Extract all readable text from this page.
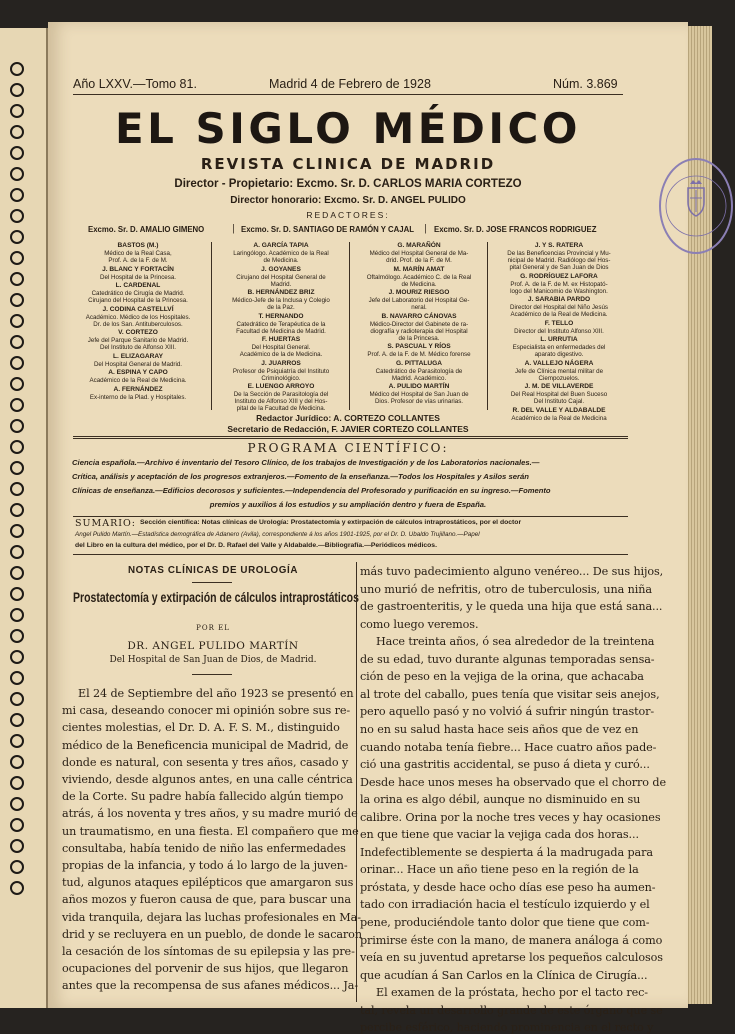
Año LXXV.—Tomo 81.	Madrid 4 de Febrero de 1928	Núm. 3.869
EL SIGLO MÉDICO
REVISTA CLINICA DE MADRID
Director - Propietario: Excmo. Sr. D. CARLOS MARIA CORTEZO
Director honorario: Excmo. Sr. D. ANGEL PULIDO
REDACTORES:
Excmo. Sr. D. AMALIO GIMENO	| Excmo. Sr. D. SANTIAGO DE RAMÓN Y CAJAL | Excmo. Sr. D. JOSE FRANCOS RODRIGUEZ
BASTOS (M.)
Médico de la Real Casa,
Prof. A. de la F. de M.
J. BLANC Y FORTACÍN
Del Hospital de la Princesa.
L. CARDENAL
Catedrático de Cirugía de Madrid.
Cirujano del Hospital de la Princesa.
J. CODINA CASTELLVÍ
Académico. Médico de los Hospitales.
Dr. de los San. Antituberculosos.
V. CORTEZO
Jefe del Parque Sanitario de Madrid.
Del Instituto de Alfonso XIII.
L. ELIZAGARAY
Del Hospital General de Madrid.
A. ESPINA Y CAPO
Académico de la Real de Medicina.
A. FERNÁNDEZ
Ex-interno de la Plad. y Hospitales.
A. GARCÍA TAPIA
Laringólogo. Académico de la Real
de Medicina.
J. GOYANES
Cirujano del Hospital General de
Madrid.
B. HERNÁNDEZ BRIZ
Médico-Jefe de la Inclusa y Colegio
de la Paz.
T. HERNANDO
Catedrático de Terapéutica de la
Facultad de Medicina de Madrid.
F. HUERTAS
Del Hospital General.
Académico de la de Medicina.
J. JUARROS
Profesor de Psiquiatría del Instituto
Criminológico.
E. LUENGO ARROYO
De la Sección de Parasitología del
Instituto de Alfonso XIII y del Hos-
pital de la Facultad de Medicina.
G. MARAÑÓN
Médico del Hospital General de Ma-
drid. Prof. de la F. de M.
M. MARÍN AMAT
Oftalmólogo. Académico C. de la Real
de Medicina.
J. MOURIZ RIESGO
Jefe del Laboratorio del Hospital Ge-
neral.
B. NAVARRO CÁNOVAS
Médico-Director del Gabinete de ra-
diografía y radioterapia del Hospital
de la Princesa.
S. PASCUAL Y RÍOS
Prof. A. de la F. de M. Médico forense
G. PITTALUGA
Catedrático de Parasitología de
Madrid. Académico.
A. PULIDO MARTÍN
Médico del Hospital de San Juan de
Dios. Profesor de vías urinarias.
J. Y S. RATERA
De las Beneficencias Provincial y Mu-
nicipal de Madrid. Radiólogo del Hos-
pital General y de San Juan de Dios
G. RODRÍGUEZ LAFORA
Prof. A. de la F. de M. ex Histopató-
logo del Manicomio de Washington.
J. SARABIA PARDO
Director del Hospital del Niño Jesús
Académico de la Real de Medicina.
F. TELLO
Director del Instituto Alfonso XIII.
L. URRUTIA
Especialista en enfermedades del
aparato digestivo.
A. VALLEJO NÁGERA
Jefe de Clínica mental militar de
Ciempozuelos.
J. M. DE VILLAVERDE
Del Real Hospital del Buen Suceso
Del Instituto Cajal.
R. DEL VALLE Y ALDABALDE
Académico de la Real de Medicina
Redactor Jurídico: A. CORTEZO COLLANTES
Secretario de Redacción, F. JAVIER CORTEZO COLLANTES
PROGRAMA CIENTÍFICO:
Ciencia española.—Archivo é inventario del Tesoro Clínico, de los trabajos de Investigación y de los Laboratorios nacionales.—
Crítica, análisis y aceptación de los progresos extranjeros.—Fomento de la enseñanza.—Todos los Hospitales y Asilos serán
Clínicas de enseñanza.—Edificios decorosos y suficientes.—Independencia del Profesorado y purificación en su ingreso.—Fomento
premios y auxilios á los estudios y su ampliación dentro y fuera de España.
SUMARIO: Sección científica: Notas clínicas de Urología: Prostatectomía y extirpación de cálculos intraprostáticos, por el doctor
Angel Pulido Martín.—Estadística demográfica de Adanero (Avila), correspondiente á los años 1901-1925, por el Dr. D. Ubaldo Trujillano.—Papel
del Libro en la cultura del médico, por el Dr. D. Rafael del Valle y Aldabalde.—Bibliografía.—Periódicos médicos.
NOTAS CLÍNICAS DE UROLOGÍA
Prostatectomía y extirpación de cálculos intraprostáticos
POR EL
DR. ANGEL PULIDO MARTÍN
Del Hospital de San Juan de Dios, de Madrid.
El 24 de Septiembre del año 1923 se presentó en
mi casa, deseando conocer mi opinión sobre sus re-
cientes molestias, el Dr. D. A. F. S. M., distinguido
médico de la Beneficencia municipal de Madrid, de
donde es natural, con sesenta y tres años, casado y
viviendo, desde algunos antes, en una calle céntrica
de la Corte. Su padre había fallecido algún tiempo
atrás, á los noventa y tres años, y su madre murió de
un traumatismo, en una fiesta. El compañero que me
consultaba, había tenido de niño las enfermedades
propias de la infancia, y todo á lo largo de la juven-
tud, algunos ataques epilépticos que amargaron sus
años mozos y fueron causa de que, para buscar una
vida tranquila, dejara las luchas profesionales en Ma-
drid y se recluyera en un pueblo, de donde le sacaron
la cesación de los síntomas de su epilepsia y las pre-
ocupaciones del porvenir de sus hijos, que llegaron
antes que la recompensa de sus afanes médicos... Ja-
más tuvo padecimiento alguno venéreo... De sus hijos,
uno murió de nefritis, otro de tuberculosis, una niña
de gastroenteritis, y le queda una hija que está sana...
como luego veremos.
Hace treinta años, ó sea alrededor de la treintena
de su edad, tuvo durante algunas temporadas sensa-
ción de peso en la vejiga de la orina, que achacaba
al trote del caballo, pues tenía que visitar seis anejos,
pero aquello pasó y no volvió á sufrir ningún trastor-
no en su salud hasta hace seis años que de vez en
cuando notaba tenía fiebre... Hace cuatro años pade-
ció una gastritis accidental, se puso á dieta y curó...
Desde hace unos meses ha observado que el chorro de
la orina es algo débil, aunque no disminuido en su
calibre. Orina por la noche tres veces y hay ocasiones
en que tiene que vaciar la vejiga cada dos horas...
Indefectiblemente se despierta á la madrugada para
orinar... Hace un año tiene peso en la región de la
próstata, y desde hace ocho días ese peso ha aumen-
tado con irradiación hacia el testículo izquierdo y el
pene, produciéndole tanto dolor que tiene que com-
primirse éste con la mano, de manera análoga á como
veía en su juventud apretarse los pequeños calculosos
que acudían á San Carlos en la Clínica de Cirugía...
El examen de la próstata, hecho por el tacto rec-
tal, revela un desarrollo grande de este órgano que se
percibe esférico, haciendo prominencia en el recto y
